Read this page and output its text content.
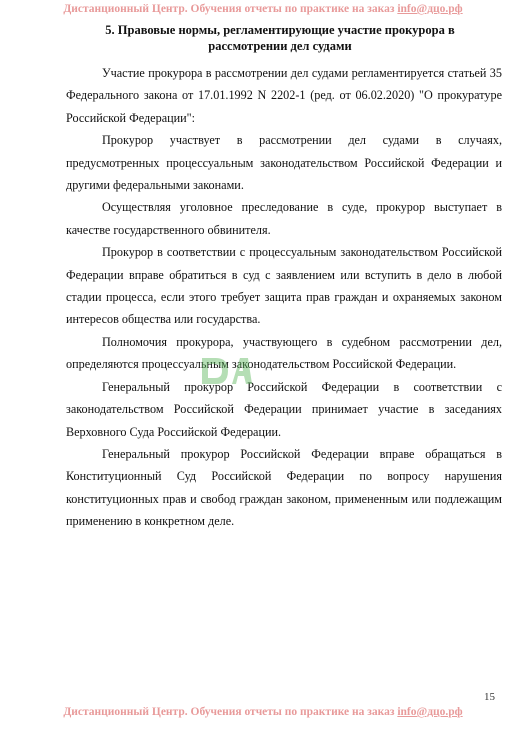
Дистанционный Центр. Обучения отчеты по практике на заказ info@дцо.рф
5. Правовые нормы, регламентирующие участие прокурора в
рассмотрении дел судами

Участие прокурора в рассмотрении дел судами регламентируется статьей 35 Федерального закона от 17.01.1992 N 2202-1 (ред. от 06.02.2020) "О прокуратуре Российской Федерации":

Прокурор участвует в рассмотрении дел судами в случаях, предусмотренных процессуальным законодательством Российской Федерации и другими федеральными законами.

Осуществляя уголовное преследование в суде, прокурор выступает в качестве государственного обвинителя.

Прокурор в соответствии с процессуальным законодательством Российской Федерации вправе обратиться в суд с заявлением или вступить в дело в любой стадии процесса, если этого требует защита прав граждан и охраняемых законом интересов общества или государства.

Полномочия прокурора, участвующего в судебном рассмотрении дел, определяются процессуальным законодательством Российской Федерации.

Генеральный прокурор Российской Федерации в соответствии с законодательством Российской Федерации принимает участие в заседаниях Верховного Суда Российской Федерации.

Генеральный прокурор Российской Федерации вправе обращаться в Конституционный Суд Российской Федерации по вопросу нарушения конституционных прав и свобод граждан законом, примененным или подлежащим применению в конкретном деле.

15
Дистанционный Центр. Обучения отчеты по практике на заказ info@дцо.рф
